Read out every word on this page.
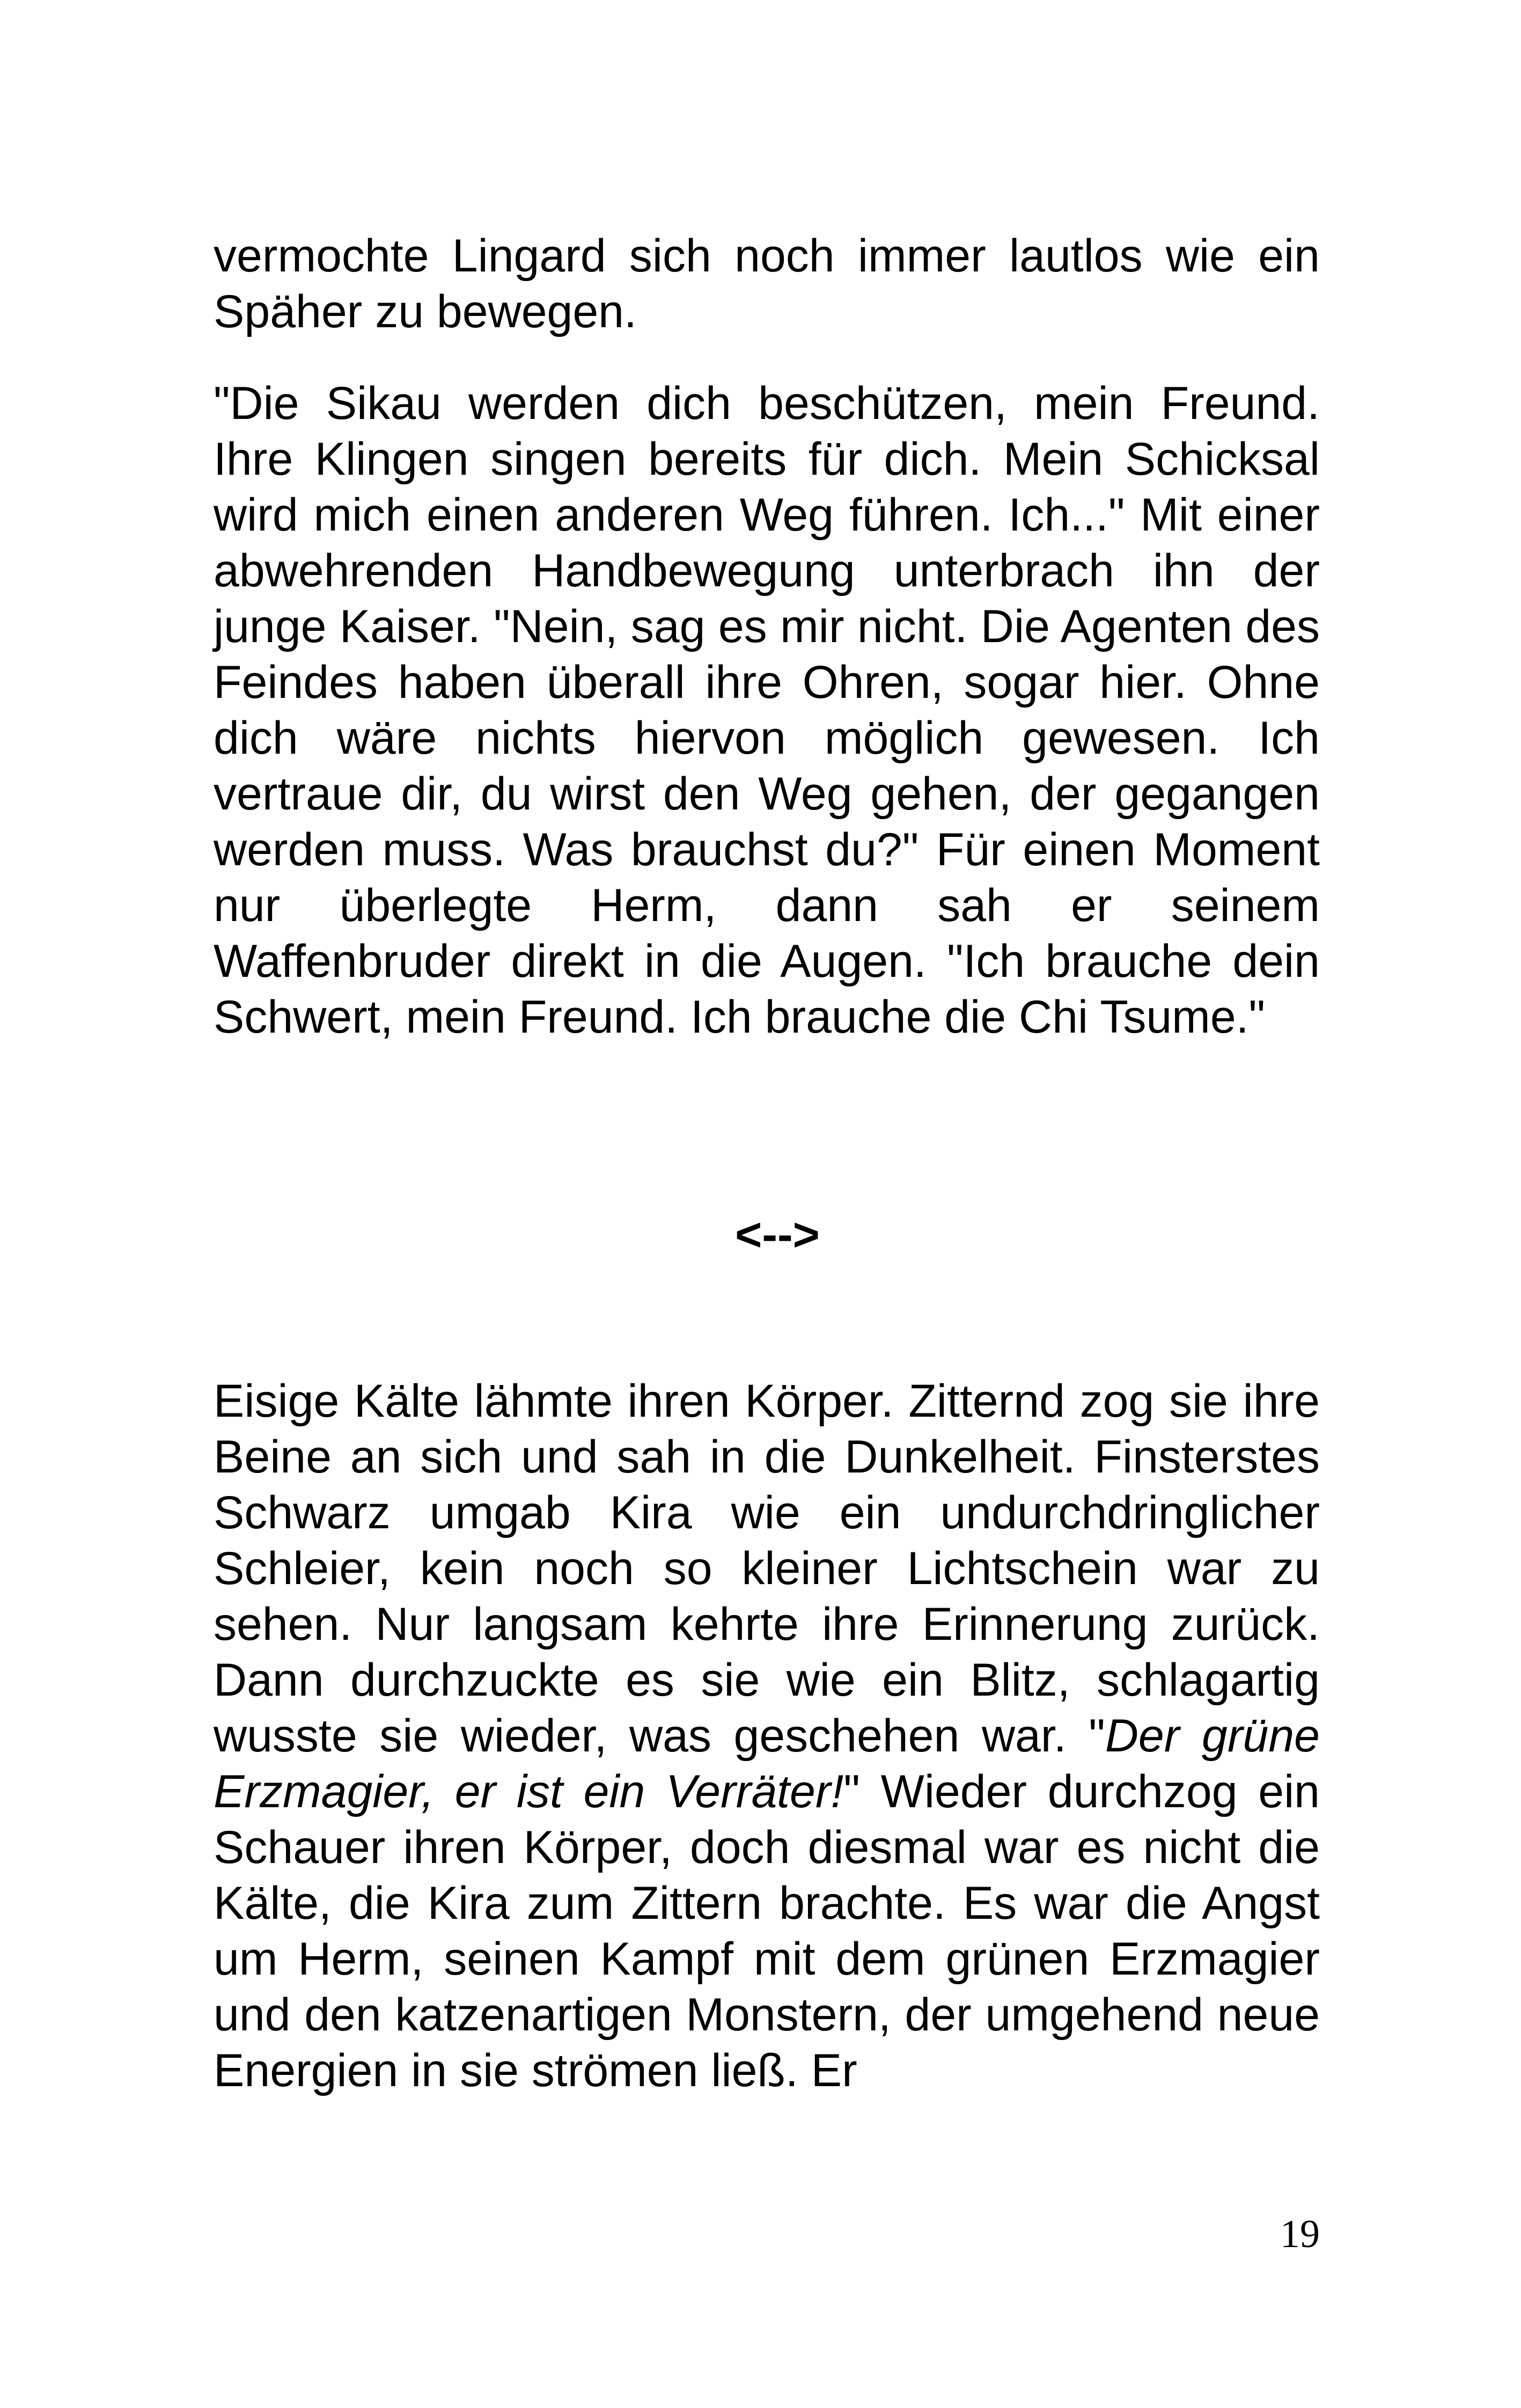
vermochte Lingard sich noch immer lautlos wie ein Späher zu bewegen.

"Die Sikau werden dich beschützen, mein Freund. Ihre Klingen singen bereits für dich. Mein Schicksal wird mich einen anderen Weg führen. Ich..." Mit einer abwehrenden Handbewegung unterbrach ihn der junge Kaiser. "Nein, sag es mir nicht. Die Agenten des Feindes haben überall ihre Ohren, sogar hier. Ohne dich wäre nichts hiervon möglich gewesen. Ich vertraue dir, du wirst den Weg gehen, der gegangen werden muss. Was brauchst du?" Für einen Moment nur überlegte Herm, dann sah er seinem Waffenbruder direkt in die Augen. "Ich brauche dein Schwert, mein Freund. Ich brauche die Chi Tsume."

<-->

Eisige Kälte lähmte ihren Körper. Zitternd zog sie ihre Beine an sich und sah in die Dunkelheit. Finsterstes Schwarz umgab Kira wie ein undurchdringlicher Schleier, kein noch so kleiner Lichtschein war zu sehen. Nur langsam kehrte ihre Erinnerung zurück. Dann durchzuckte es sie wie ein Blitz, schlagartig wusste sie wieder, was geschehen war. "Der grüne Erzmagier, er ist ein Verräter!" Wieder durchzog ein Schauer ihren Körper, doch diesmal war es nicht die Kälte, die Kira zum Zittern brachte. Es war die Angst um Herm, seinen Kampf mit dem grünen Erzmagier und den katzenartigen Monstern, der umgehend neue Energien in sie strömen ließ. Er

19
